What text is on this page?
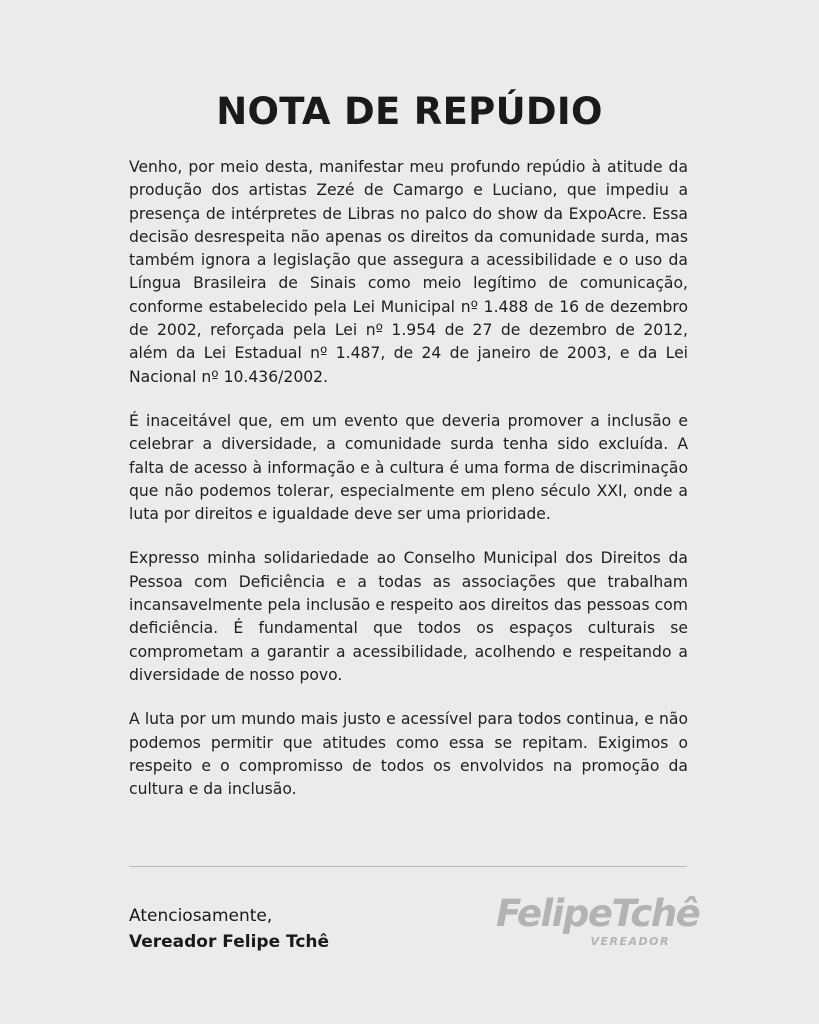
NOTA DE REPÚDIO

Venho, por meio desta, manifestar meu profundo repúdio à atitude da produção dos artistas Zezé de Camargo e Luciano, que impediu a presença de intérpretes de Libras no palco do show da ExpoAcre. Essa decisão desrespeita não apenas os direitos da comunidade surda, mas também ignora a legislação que assegura a acessibilidade e o uso da Língua Brasileira de Sinais como meio legítimo de comunicação, conforme estabelecido pela Lei Municipal nº 1.488 de 16 de dezembro de 2002, reforçada pela Lei nº 1.954 de 27 de dezembro de 2012, além da Lei Estadual nº 1.487, de 24 de janeiro de 2003, e da Lei Nacional nº 10.436/2002.

É inaceitável que, em um evento que deveria promover a inclusão e celebrar a diversidade, a comunidade surda tenha sido excluída. A falta de acesso à informação e à cultura é uma forma de discriminação que não podemos tolerar, especialmente em pleno século XXI, onde a luta por direitos e igualdade deve ser uma prioridade.

Expresso minha solidariedade ao Conselho Municipal dos Direitos da Pessoa com Deficiência e a todas as associações que trabalham incansavelmente pela inclusão e respeito aos direitos das pessoas com deficiência. É fundamental que todos os espaços culturais se comprometam a garantir a acessibilidade, acolhendo e respeitando a diversidade de nosso povo.

A luta por um mundo mais justo e acessível para todos continua, e não podemos permitir que atitudes como essa se repitam. Exigimos o respeito e o compromisso de todos os envolvidos na promoção da cultura e da inclusão.

Atenciosamente,
Vereador Felipe Tchê
FelipeTchê
VEREADOR
